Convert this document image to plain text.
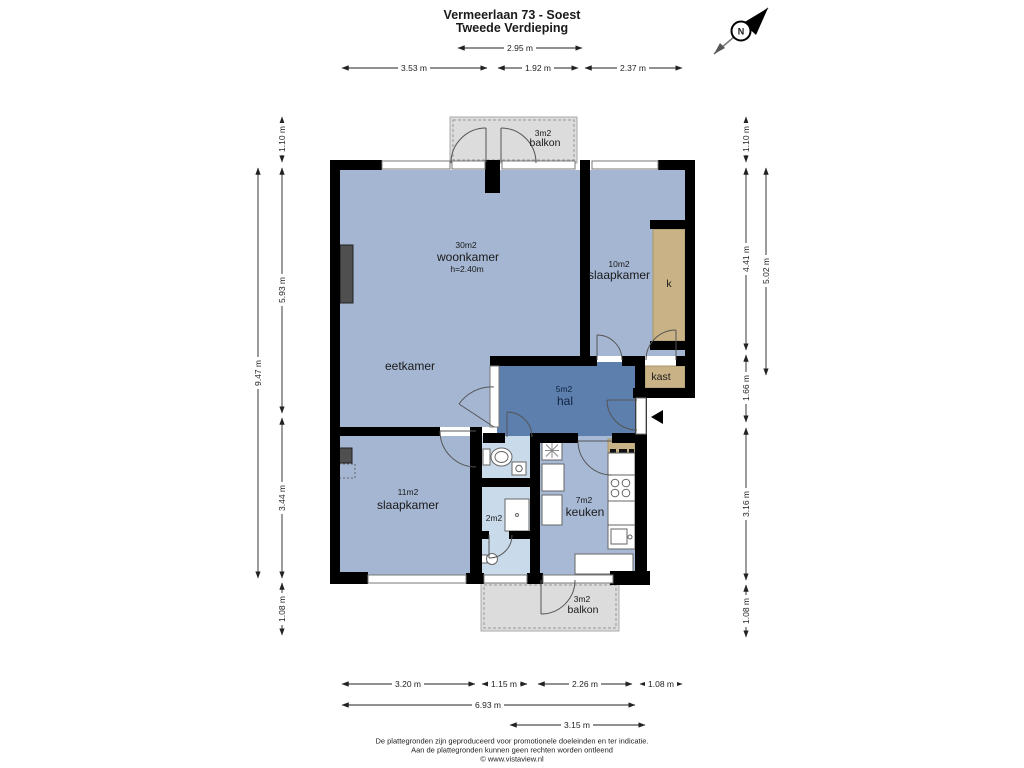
Vermeerlaan 73 - Soest
Tweede Verdieping	N
3m2
balkon
30m2
woonkamer
h=2.40m	10m2
slaapkamer
k
kast
eetkamer
5m2
hal
11m2
slaapkamer
2m2
7m2
keuken
3m2
balkon
2.95 m
3.53 m	1.92 m	2.37 m
3.20 m	1.15 m	2.26 m	1.08 m
6.93 m
3.15 m
1.10 m
5.93 m
3.44 m
1.08 m
9.47 m
1.10 m
4.41 m
1.66 m
3.16 m
1.08 m
5.02 m
De plattegronden zijn geproduceerd voor promotionele doeleinden en ter indicatie.
Aan de plattegronden kunnen geen rechten worden ontleend
© www.vistaview.nl
